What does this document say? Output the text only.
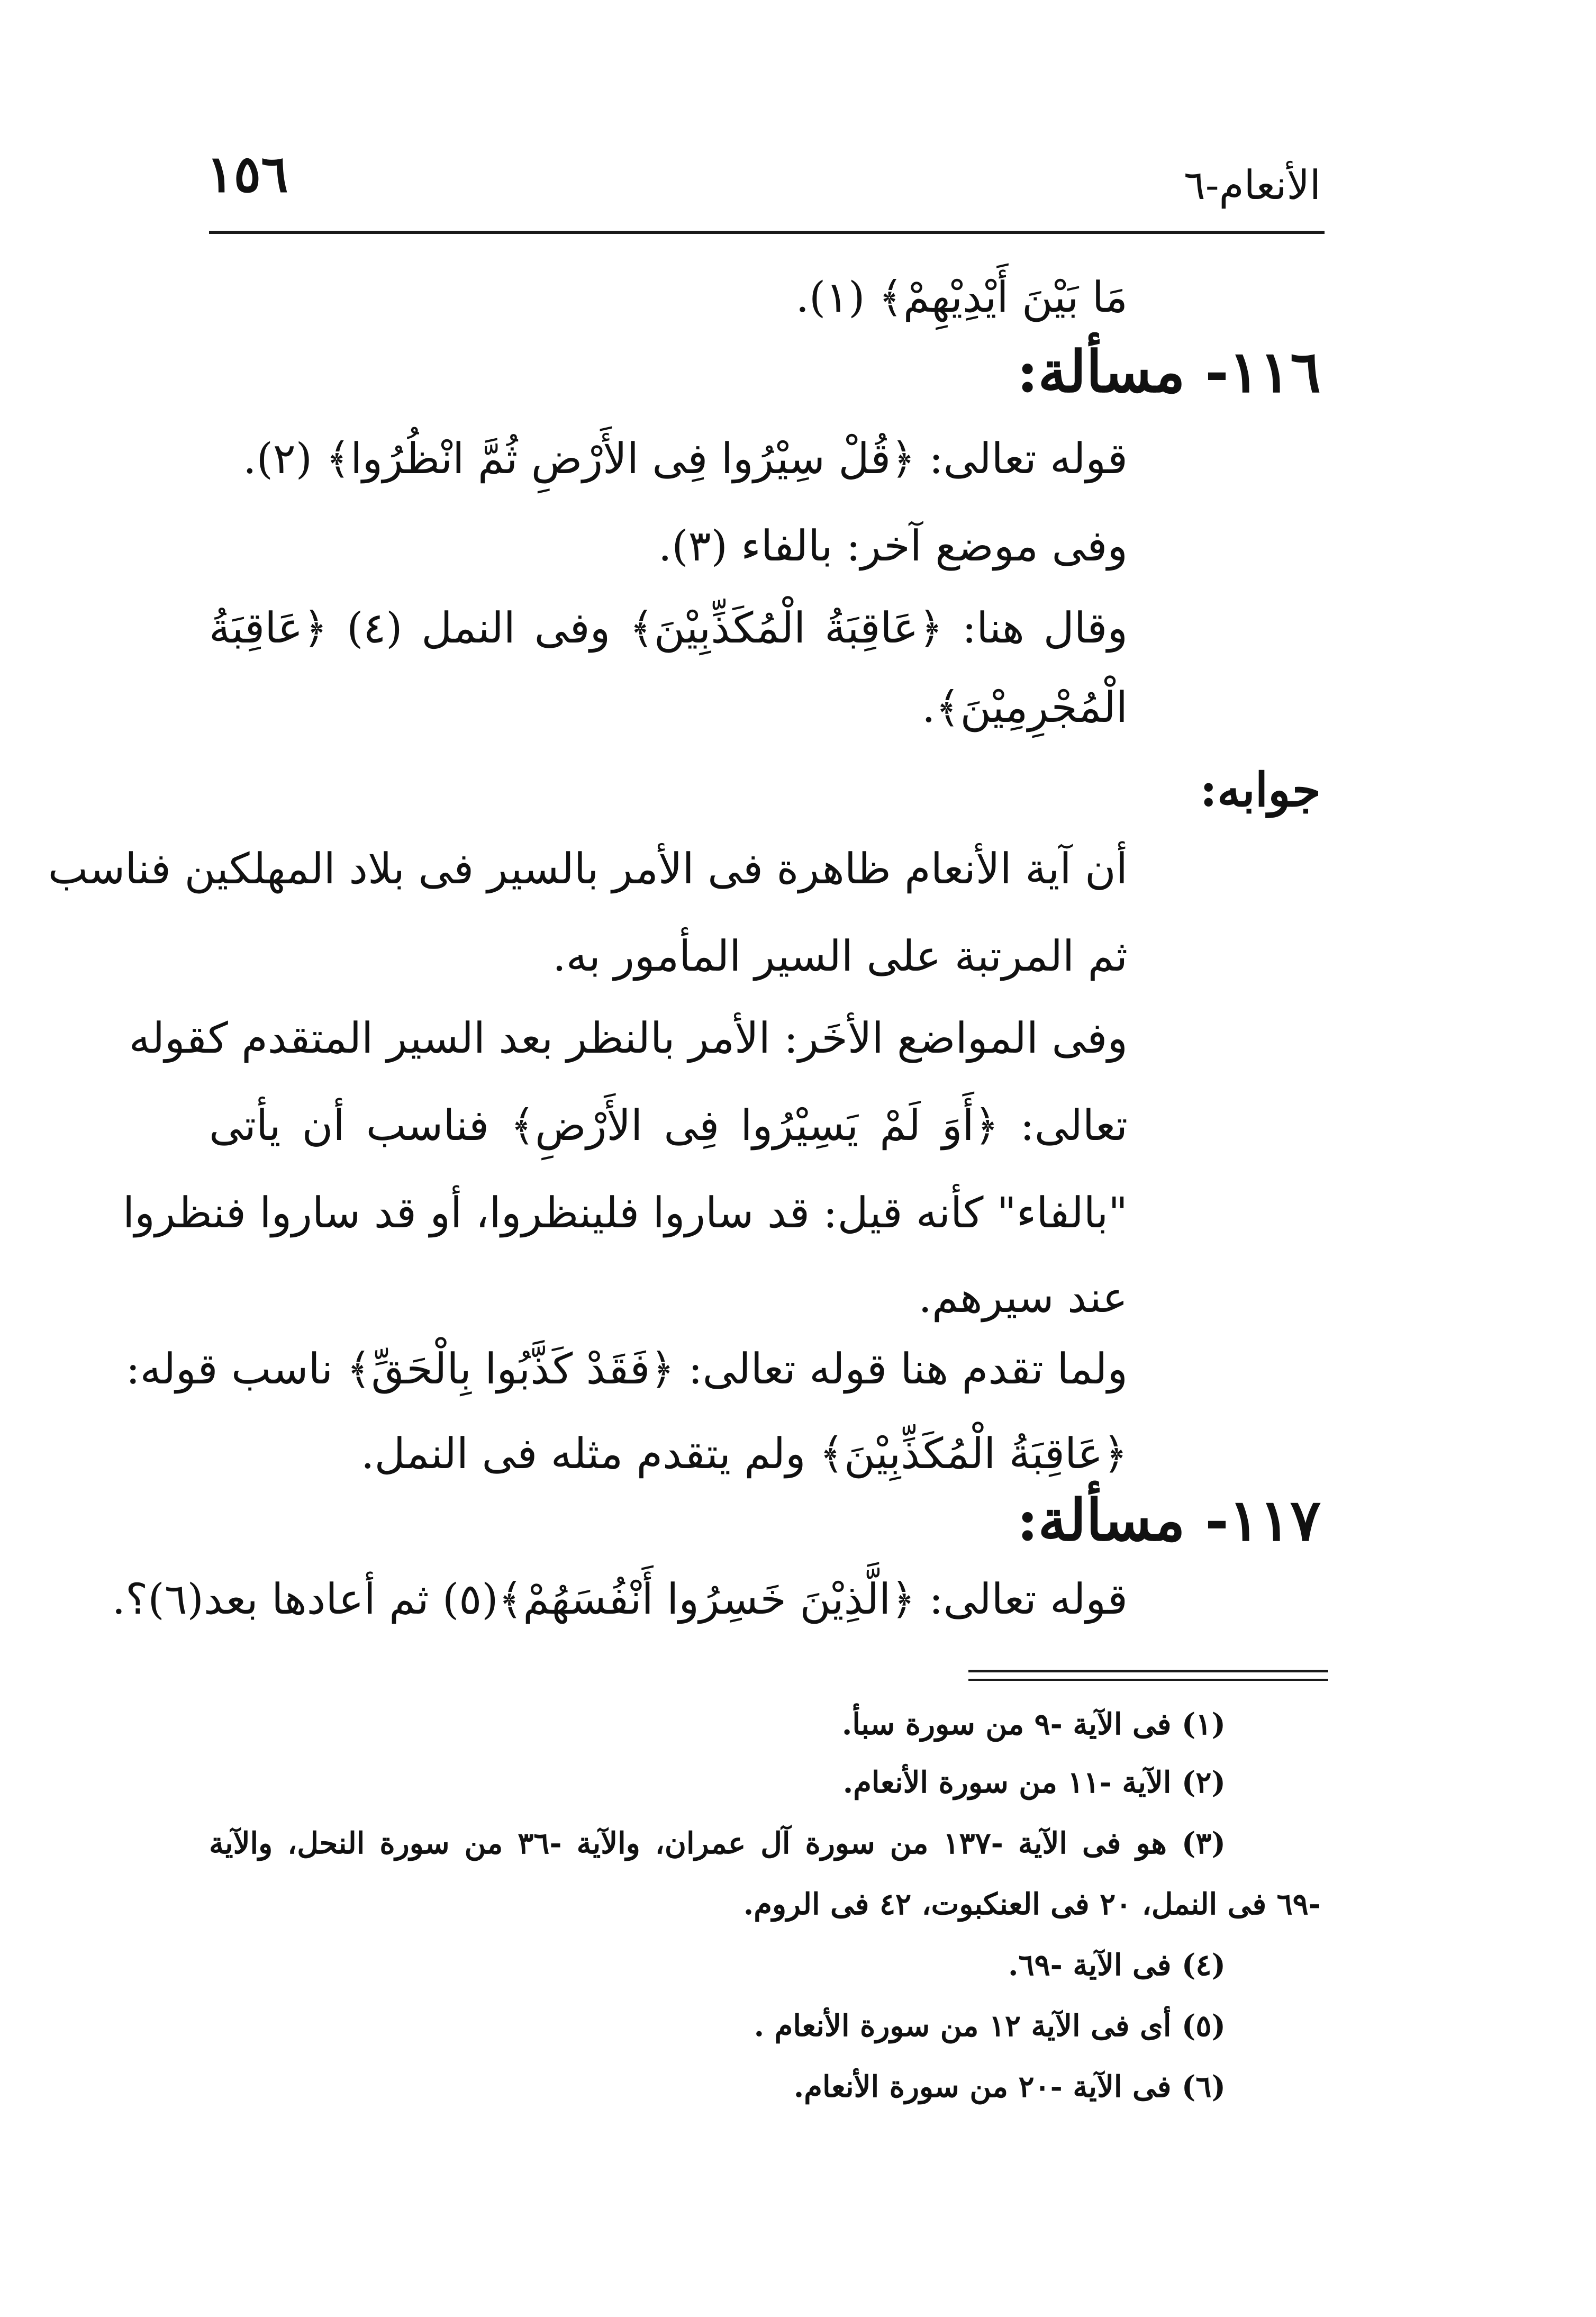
١٥٦	الأنعام-٦
مَا بَيْنَ أَيْدِيْهِمْ﴾ (١).
١١٦- مسألة:
قوله تعالى: ﴿قُلْ سِيْرُوا فِى الأَرْضِ ثُمَّ انْظُرُوا﴾ (٢).
وفى موضع آخر: بالفاء (٣).
وقال هنا: ﴿عَاقِبَةُ الْمُكَذِّبِيْنَ﴾ وفى النمل (٤) ﴿عَاقِبَةُ
الْمُجْرِمِيْنَ﴾.
جوابه:
أن آية الأنعام ظاهرة فى الأمر بالسير فى بلاد المهلكين فناسب
ثم المرتبة على السير المأمور به.
وفى المواضع الأخَر: الأمر بالنظر بعد السير المتقدم كقوله
تعالى: ﴿أَوَ لَمْ يَسِيْرُوا فِى الأَرْضِ﴾ فناسب أن يأتى
"بالفاء" كأنه قيل: قد ساروا فلينظروا، أو قد ساروا فنظروا
عند سيرهم.
ولما تقدم هنا قوله تعالى: ﴿فَقَدْ كَذَّبُوا بِالْحَقِّ﴾ ناسب قوله:
﴿عَاقِبَةُ الْمُكَذِّبِيْنَ﴾ ولم يتقدم مثله فى النمل.
١١٧- مسألة:
قوله تعالى: ﴿الَّذِيْنَ خَسِرُوا أَنْفُسَهُمْ﴾(٥) ثم أعادها بعد(٦)؟.
(١) فى الآية -٩ من سورة سبأ.
(٢) الآية -١١ من سورة الأنعام.
(٣) هو فى الآية -١٣٧ من سورة آل عمران، والآية -٣٦ من سورة النحل، والآية
-٦٩ فى النمل، ٢٠ فى العنكبوت، ٤٢ فى الروم.
(٤) فى الآية -٦٩.
(٥) أى فى الآية ١٢ من سورة الأنعام .
(٦) فى الآية -٢٠ من سورة الأنعام.
